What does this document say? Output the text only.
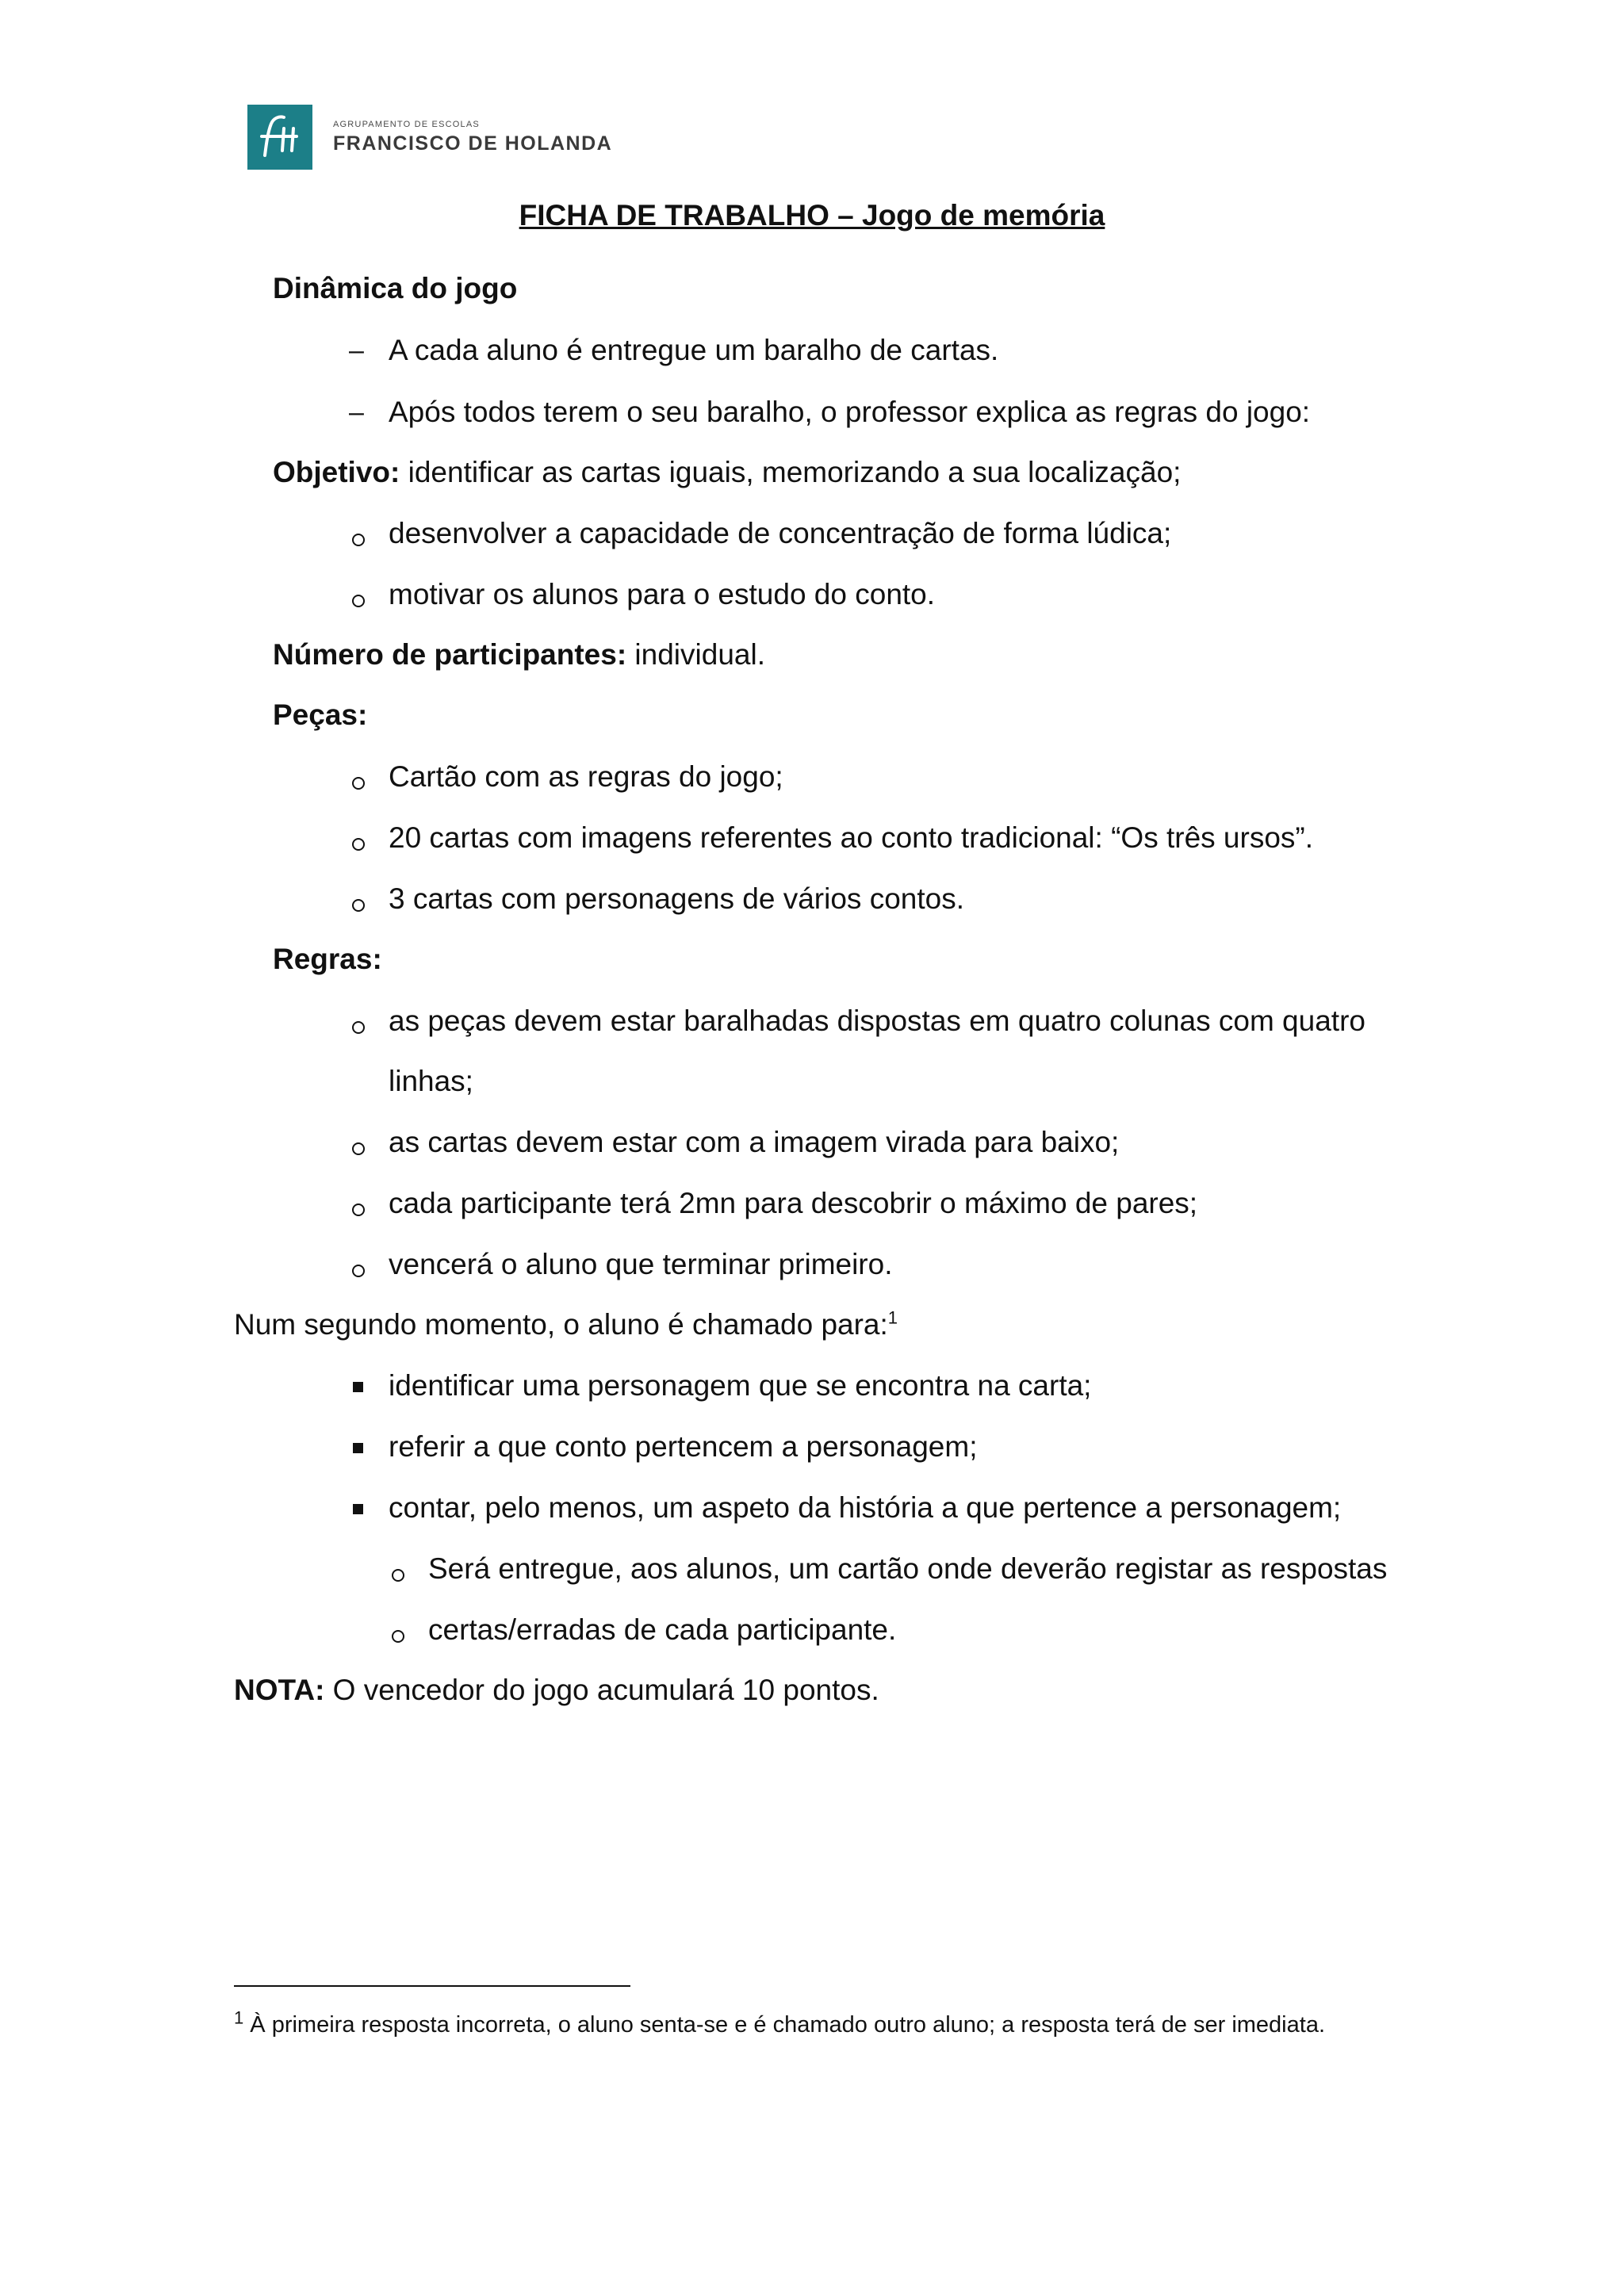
AGRUPAMENTO DE ESCOLAS
FRANCISCO DE HOLANDA
FICHA DE TRABALHO – Jogo de memória
Dinâmica do jogo
– A cada aluno é entregue um baralho de cartas.
– Após todos terem o seu baralho, o professor explica as regras do jogo:
Objetivo: identificar as cartas iguais, memorizando a sua localização;
desenvolver a capacidade de concentração de forma lúdica;
motivar os alunos para o estudo do conto.
Número de participantes: individual.
Peças:
Cartão com as regras do jogo;
20 cartas com imagens referentes ao conto tradicional: “Os três ursos”.
3 cartas com personagens de vários contos.
Regras:
as peças devem estar baralhadas dispostas em quatro colunas com quatro
linhas;
as cartas devem estar com a imagem virada para baixo;
cada participante terá 2mn para descobrir o máximo de pares;
vencerá o aluno que terminar primeiro.
Num segundo momento, o aluno é chamado para:$^1$
identificar uma personagem que se encontra na carta;
referir a que conto pertencem a personagem;
contar, pelo menos, um aspeto da história a que pertence a personagem;
Será entregue, aos alunos, um cartão onde deverão registar as respostas
certas/erradas de cada participante.
NOTA: O vencedor do jogo acumulará 10 pontos.
$^1$ À primeira resposta incorreta, o aluno senta-se e é chamado outro aluno; a resposta terá de ser imediata.
